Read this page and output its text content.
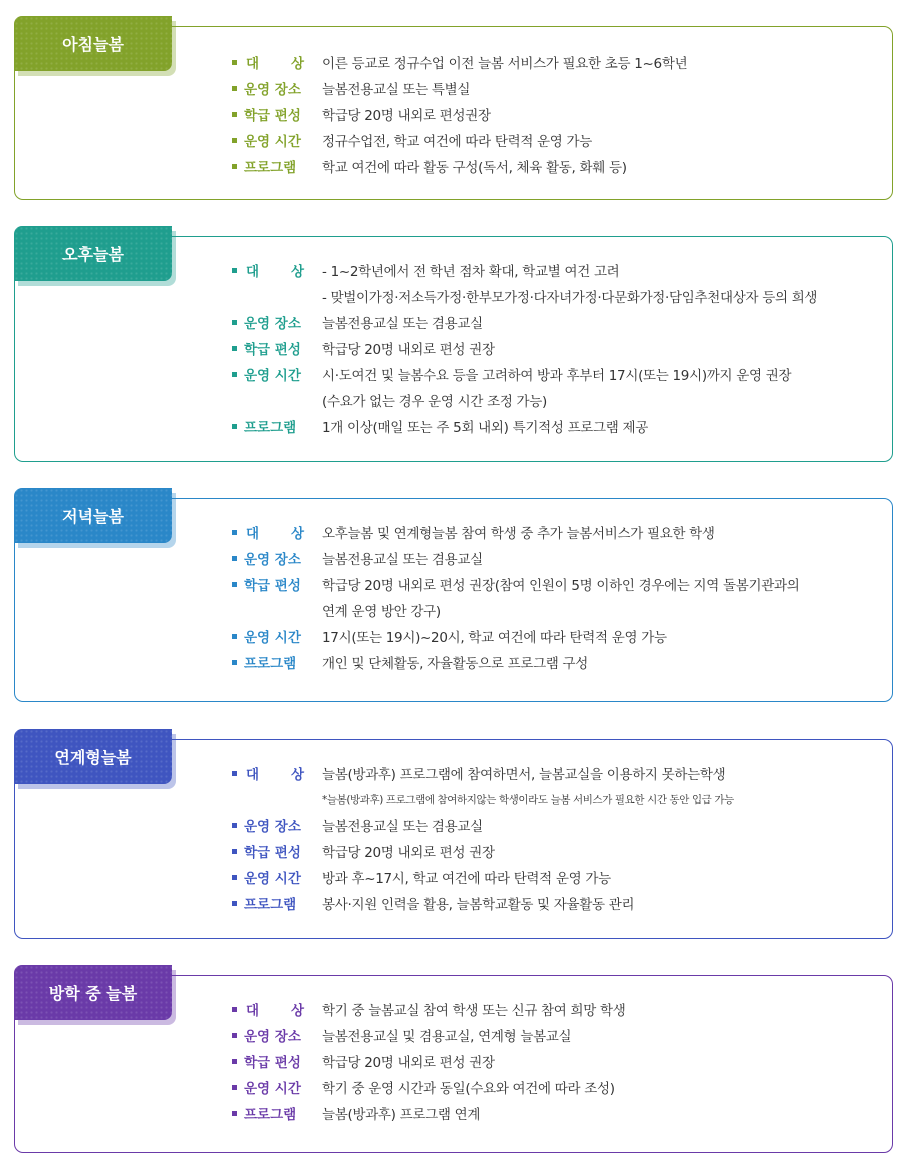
아침늘봄
대 상 이른 등교로 정규수업 이전 늘봄 서비스가 필요한 초등 1~6학년
운영 장소	늘봄전용교실 또는 특별실
학급 편성	학급당 20명 내외로 편성권장
운영 시간	정규수업전, 학교 여건에 따라 탄력적 운영 가능
프로그램	학교 여건에 따라 활동 구성(독서, 체육 활동, 화훼 등)
오후늘봄
대 상 - 1~2학년에서 전 학년 점차 확대, 학교별 여건 고려
- 맞벌이가정·저소득가정·한부모가정·다자녀가정·다문화가정·담임추천대상자 등의 희생
운영 장소	늘봄전용교실 또는 겸용교실
학급 편성	학급당 20명 내외로 편성 권장
운영 시간	시·도여건 및 늘봄수요 등을 고려하여 방과 후부터 17시(또는 19시)까지 운영 권장
(수요가 없는 경우 운영 시간 조정 가능)
프로그램	1개 이상(매일 또는 주 5회 내외) 특기적성 프로그램 제공
저녁늘봄
대 상 오후늘봄 및 연계형늘봄 참여 학생 중 추가 늘봄서비스가 필요한 학생
운영 장소	늘봄전용교실 또는 겸용교실
학급 편성	학급당 20명 내외로 편성 권장(참여 인원이 5명 이하인 경우에는 지역 돌봄기관과의
연계 운영 방안 강구)
운영 시간	17시(또는 19시)~20시, 학교 여건에 따라 탄력적 운영 가능
프로그램	개인 및 단체활동, 자율활동으로 프로그램 구성
연계형늘봄
대 상 늘봄(방과후) 프로그램에 참여하면서, 늘봄교실을 이용하지 못하는학생
*늘봄(방과후) 프로그램에 참여하지않는 학생이라도 늘봄 서비스가 필요한 시간 동안 입급 가능
운영 장소	늘봄전용교실 또는 겸용교실
학급 편성	학급당 20명 내외로 편성 권장
운영 시간	방과 후~17시, 학교 여건에 따라 탄력적 운영 가능
프로그램	봉사·지원 인력을 활용, 늘봄학교활동 및 자율활동 관리
방학 중 늘봄
대 상 학기 중 늘봄교실 참여 학생 또는 신규 참여 희망 학생
운영 장소	늘봄전용교실 및 겸용교실, 연계형 늘봄교실
학급 편성	학급당 20명 내외로 편성 권장
운영 시간	학기 중 운영 시간과 동일(수요와 여건에 따라 조성)
프로그램	늘봄(방과후) 프로그램 연계
